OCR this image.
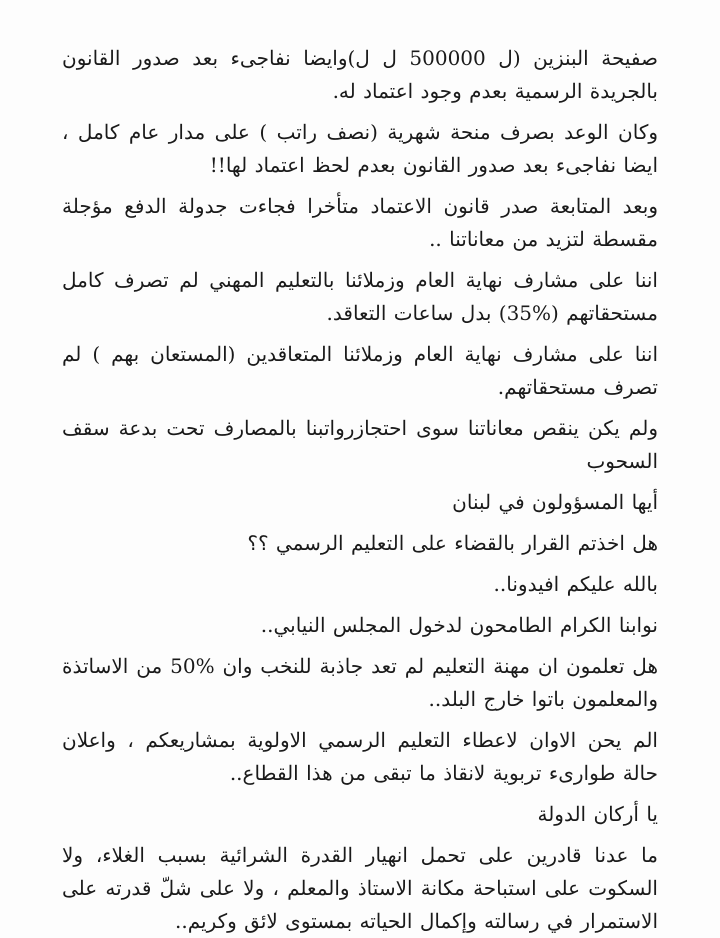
صفيحة البنزين (ل 500000 ل ل)وايضا نفاجىء بعد صدور القانون بالجريدة الرسمية بعدم وجود اعتماد له.

وكان الوعد بصرف منحة شهرية (نصف راتب ) على مدار عام كامل ، ايضا نفاجىء بعد صدور القانون بعدم لحظ اعتماد لها!!

وبعد المتابعة صدر قانون الاعتماد متأخرا فجاءت جدولة الدفع مؤجلة مقسطة لتزيد من معاناتنا ..

اننا على مشارف نهاية العام وزملائنا بالتعليم المهني لم تصرف كامل مستحقاتهم (%35) بدل ساعات التعاقد.

اننا على مشارف نهاية العام وزملائنا المتعاقدين (المستعان بهم ) لم تصرف مستحقاتهم.

ولم يكن ينقص معاناتنا سوى احتجازرواتبنا بالمصارف تحت بدعة سقف السحوب

أيها المسؤولون في لبنان

هل اخذتم القرار بالقضاء على التعليم الرسمي ؟؟

بالله عليكم افيدونا..

نوابنا الكرام الطامحون لدخول المجلس النيابي..

هل تعلمون ان مهنة التعليم لم تعد جاذبة للنخب وان %50 من الاساتذة والمعلمون باتوا خارج البلد..

الم يحن الاوان لاعطاء التعليم الرسمي الاولوية بمشاريعكم ، واعلان حالة طوارىء تربوية لانقاذ ما تبقى من هذا القطاع..

يا أركان الدولة

ما عدنا قادرين على تحمل انهيار القدرة الشرائية بسبب الغلاء، ولا السكوت على استباحة مكانة الاستاذ والمعلم ، ولا على شلّ قدرته على الاستمرار في رسالته وإكمال الحياته بمستوى لائق وكريم..
